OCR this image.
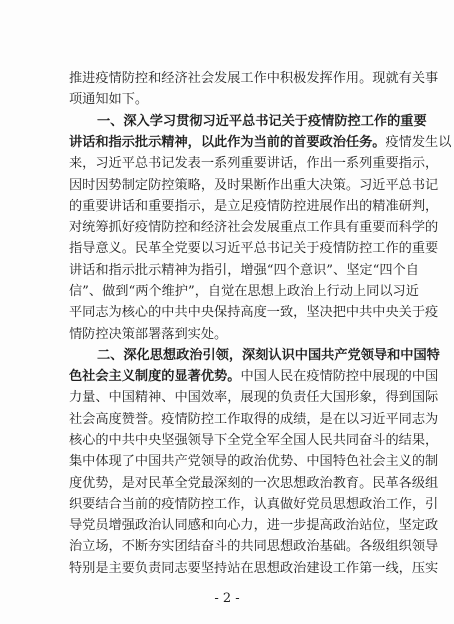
推进疫情防控和经济社会发展工作中积极发挥作用。现就有关事
项通知如下。
一、深入学习贯彻习近平总书记关于疫情防控工作的重要
讲话和指示批示精神，以此作为当前的首要政治任务。疫情发生以
来，习近平总书记发表一系列重要讲话，作出一系列重要指示，
因时因势制定防控策略，及时果断作出重大决策。习近平总书记
的重要讲话和重要指示，是立足疫情防控进展作出的精准研判，
对统筹抓好疫情防控和经济社会发展重点工作具有重要而科学的
指导意义。民革全党要以习近平总书记关于疫情防控工作的重要
讲话和指示批示精神为指引，增强“四个意识”、坚定“四个自
信”、做到“两个维护”，自觉在思想上政治上行动上同以习近
平同志为核心的中共中央保持高度一致，坚决把中共中央关于疫
情防控决策部署落到实处。
二、深化思想政治引领，深刻认识中国共产党领导和中国特
色社会主义制度的显著优势。中国人民在疫情防控中展现的中国
力量、中国精神、中国效率，展现的负责任大国形象，得到国际
社会高度赞誉。疫情防控工作取得的成绩，是在以习近平同志为
核心的中共中央坚强领导下全党全军全国人民共同奋斗的结果，
集中体现了中国共产党领导的政治优势、中国特色社会主义的制
度优势，是对民革全党最深刻的一次思想政治教育。民革各级组
织要结合当前的疫情防控工作，认真做好党员思想政治工作，引
导党员增强政治认同感和向心力，进一步提高政治站位，坚定政
治立场，不断夯实团结奋斗的共同思想政治基础。各级组织领导
特别是主要负责同志要坚持站在思想政治建设工作第一线，压实
- 2 -
